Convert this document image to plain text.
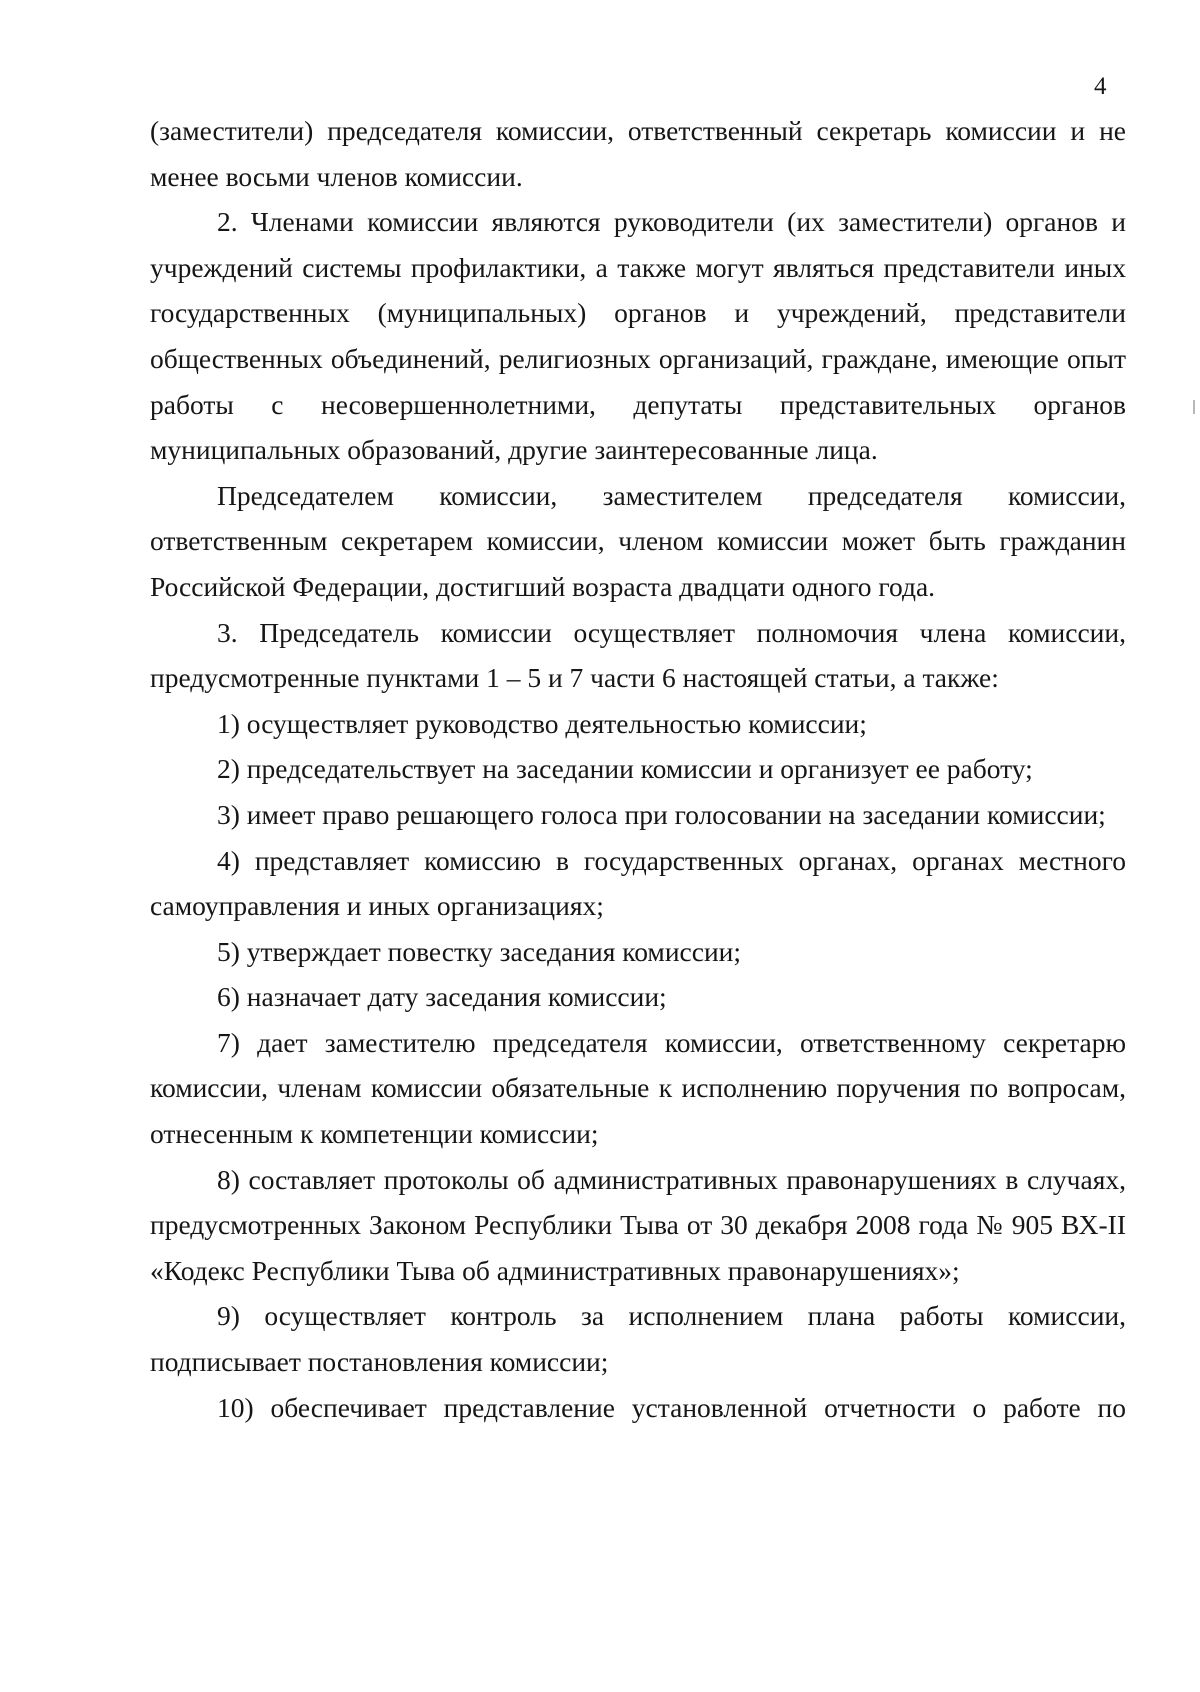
4

(заместители) председателя комиссии, ответственный секретарь комиссии и не менее восьми членов комиссии.

2. Членами комиссии являются руководители (их заместители) органов и учреждений системы профилактики, а также могут являться представители иных государственных (муниципальных) органов и учреждений, представители общественных объединений, религиозных организаций, граждане, имеющие опыт работы с несовершеннолетними, депутаты представительных органов муниципальных образований, другие заинтересованные лица.

Председателем комиссии, заместителем председателя комиссии, ответственным секретарем комиссии, членом комиссии может быть гражданин Российской Федерации, достигший возраста двадцати одного года.

3. Председатель комиссии осуществляет полномочия члена комиссии, предусмотренные пунктами 1 – 5 и 7 части 6 настоящей статьи, а также:

1) осуществляет руководство деятельностью комиссии;

2) председательствует на заседании комиссии и организует ее работу;

3) имеет право решающего голоса при голосовании на заседании комиссии;

4) представляет комиссию в государственных органах, органах местного самоуправления и иных организациях;

5) утверждает повестку заседания комиссии;

6) назначает дату заседания комиссии;

7) дает заместителю председателя комиссии, ответственному секретарю комиссии, членам комиссии обязательные к исполнению поручения по вопросам, отнесенным к компетенции комиссии;

8) составляет протоколы об административных правонарушениях в случаях, предусмотренных Законом Республики Тыва от 30 декабря 2008 года № 905 ВХ-II «Кодекс Республики Тыва об административных правонарушениях»;

9) осуществляет контроль за исполнением плана работы комиссии, подписывает постановления комиссии;

10) обеспечивает представление установленной отчетности о работе по
